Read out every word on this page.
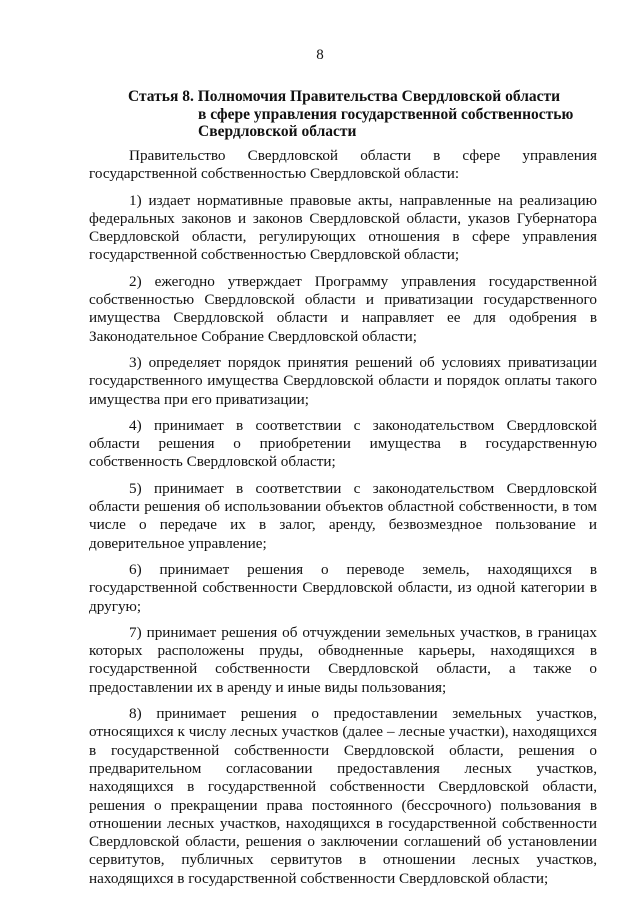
8
Статья 8. Полномочия Правительства Свердловской области
в сфере управления государственной собственностью
Свердловской области

Правительство Свердловской области в сфере управления государственной собственностью Свердловской области:

1) издает нормативные правовые акты, направленные на реализацию федеральных законов и законов Свердловской области, указов Губернатора Свердловской области, регулирующих отношения в сфере управления государственной собственностью Свердловской области;

2) ежегодно утверждает Программу управления государственной собственностью Свердловской области и приватизации государственного имущества Свердловской области и направляет ее для одобрения в Законодательное Собрание Свердловской области;

3) определяет порядок принятия решений об условиях приватизации государственного имущества Свердловской области и порядок оплаты такого имущества при его приватизации;

4) принимает в соответствии с законодательством Свердловской области решения о приобретении имущества в государственную собственность Свердловской области;

5) принимает в соответствии с законодательством Свердловской области решения об использовании объектов областной собственности, в том числе о передаче их в залог, аренду, безвозмездное пользование и доверительное управление;

6) принимает решения о переводе земель, находящихся в государственной собственности Свердловской области, из одной категории в другую;

7) принимает решения об отчуждении земельных участков, в границах которых расположены пруды, обводненные карьеры, находящихся в государственной собственности Свердловской области, а также о предоставлении их в аренду и иные виды пользования;

8) принимает решения о предоставлении земельных участков, относящихся к числу лесных участков (далее – лесные участки), находящихся в государственной собственности Свердловской области, решения о предварительном согласовании предоставления лесных участков, находящихся в государственной собственности Свердловской области, решения о прекращении права постоянного (бессрочного) пользования в отношении лесных участков, находящихся в государственной собственности Свердловской области, решения о заключении соглашений об установлении сервитутов, публичных сервитутов в отношении лесных участков, находящихся в государственной собственности Свердловской области;
